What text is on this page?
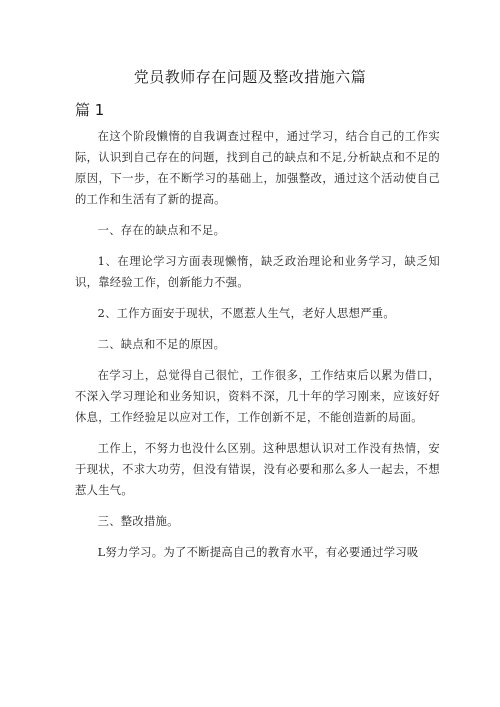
党员教师存在问题及整改措施六篇
篇 1

在这个阶段懒惰的自我调查过程中，通过学习，结合自己的工作实际，认识到自己存在的问题，找到自己的缺点和不足,分析缺点和不足的原因，下一步，在不断学习的基础上，加强整改，通过这个活动使自己的工作和生活有了新的提高。

一、存在的缺点和不足。

1、在理论学习方面表现懒惰，缺乏政治理论和业务学习，缺乏知识，靠经验工作，创新能力不强。

2、工作方面安于现状，不愿惹人生气，老好人思想严重。

二、缺点和不足的原因。

在学习上，总觉得自己很忙，工作很多，工作结束后以累为借口，不深入学习理论和业务知识，资料不深，几十年的学习刚来，应该好好休息，工作经验足以应对工作，工作创新不足，不能创造新的局面。

工作上，不努力也没什么区别。这种思想认识对工作没有热情，安于现状，不求大功劳，但没有错误，没有必要和那么多人一起去，不想惹人生气。

三、整改措施。

L努力学习。为了不断提高自己的教育水平，有必要通过学习吸
